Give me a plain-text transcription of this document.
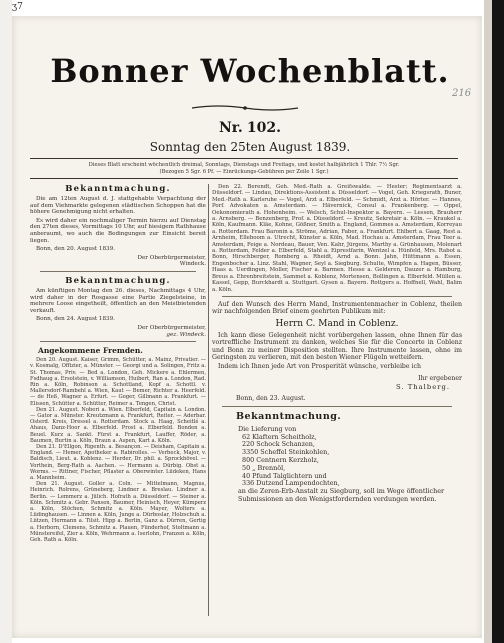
ʒ7
216
Bonner Wochenblatt.
Nr. 102.
Sonntag den 25ten August 1839.
Dieses Blatt erscheint wöchentlich dreimal, Sonntags, Dienstags und Freitags, und kostet halbjährlich 1 Thlr. 7½ Sgr.
(Bezogen 5 Sgr. 6 Pf. — Einrückungs-Gebühren per Zeile 1 Sgr.)
Bekanntmachung.

Die am 12ten August d. J. stattgehabte Verpachtung der auf dem Viehmarkte gelegenen städtischen Schoppen hat die höhere Genehmigung nicht erhalten.

Es wird daher ein nochmaliger Termin hierzu auf Dienstag den 27ten dieses, Vormittags 10 Uhr, auf hiesigem Rathhause anberaumt, wo auch die Bedingungen zur Einsicht bereit liegen.

Bonn, den 20. August 1839.

Der Oberbürgermeister,

Windeck.

Bekanntmachung.

Am künftigen Montag den 26. dieses, Nachmittags 4 Uhr, wird daher in der Rosgasse eine Partie Ziegelsteine, in mehrere Loose eingetheilt, öffentlich an den Meistbietenden verkauft.

Bonn, den 24. August 1839.

Der Oberbürgermeister,

gez. Windeck.

Angekommene Fremden.

Den 20. August. Kaiser, Grimm, Schütter, a. Mainz, Privatier. — v. Kosmalg, Offizier, a. Münster. — Georgi und a. Solingen, Fritz a. St. Thomas, Priv. — Bed a. London, Geh. Mickere a. Ehlermen, Fsdhaug a. Ersolstein, v. Williamson, Huibert, Ran a. London, Rad. Rin a. Köln, Robinson a. Schottland, Kopf a. Schottl. v. Mallersdorf-Rambehl a. Wien, Kaut — Bemer, Richter a. Heerfeld. — de Heß, Wagner a. Erfurt. — Goger, Gillmann a. Frankfurt. — Elissen, Schütter a. Schütter, Reimer a. Tengen, Christ.

Den 21. August. Noberi a. Wien. Elberfeld, Capitain a. London. — Gator a. Münster. Kreutzmann a. Frankfurt, Reiter. — Aderbar. Osterd. Kreis, Dressel a. Rotterdam. Stock a. Haag, Scheitlé a. Ahaus, Danz-Hoor a. Elberfeld. Prost a. Elberfeld. Bonden a. Beuel. Kurz a. Sankt. Fürst a. Frankfurt, Lauffer, Röder, a. Baumen, Burtin a. Köln, Braun a. Aspen, Kart a. Köln.

Den 21. D'Ellgon, Rigenth. a. Besançon. — Deisham, Capitain a. England. — Hemer, Apotheker a. Rabirolles. — Verbeck, Major, v. Baldisch, Lieut. a. Koblenz. — Herder, Dr. phil. a. Sprockhövel. — Vorthein, Berg-Rath a. Aachen. — Hermann a. Dürbig. Obst a. Worms. — Rittner, Fischer, Pflaster a. Oberwinter. Lüdeken, Hans a. Mannheim.

Den 21. August. Goller a. Coln. — Mittelmann, Magnus, Heinrich. Rolrens, Grüneberg, Lindner a. Breslau. Lindner a. Berlin. — Lemmerz a. Jülich. Hofrath a. Düsseldorf. — Steiner a. Köln. Schmitz a. Gebr. Pansen, Baumer, Heinisch, Heyer, Kümperz a. Köln, Stöchen, Schmitz a. Köln. Mayer, Wolters a. Lüdinghausen. — Linnen a. Köln, Junge a. Dürboslar, Holzschuh a. Lützen, Hermann a. Tilsit. Hipp a. Berlin, Ganz a. Dürren, Gertig a. Herborn, Clemens, Schmitz a. Plauen, Fünderhof, Stoltmann a. Münstereifel, Zier a. Köln, Wehrmann a. Iserlohn, Franzen a. Köln, Geh. Rath a. Köln.

Den 22. Berendt, Geh. Med.-Rath a. Greifswalde. — Hester; Regimentsarzt a. Düsseldorf. — Lindau, Direktions-Assistent a. Düsseldorf. — Vogel, Geh. Kriegsrath, Buner, Med.-Rath a. Karlsruhe — Vogel, Arzt a. Elberfeld. — Schmidt, Arzt a. Hörter. — Hannes, Porf. Advokaten a. Amsterdam. — Hävernick, Consul a. Frankenberg. — Oppel, Oekonomierath a. Hohenheim. — Welsch, Schul-Inspektor a. Bayern. — Lessen, Brauherr a. Arnsberg. — Benzenberg, Prof. a. Düsseldorf. — Kreutz, Sekretair a. Köln. — Kraukel a. Köln, Kaufmann. Kläe, Kohne, Gößner, Smith a. England, Gommes a. Amsterdam, Korreyau a. Rotterdam. Frau Baronin a. Ströme, Adrian, Faber, a. Frankfurt. Ehlbert a. Gaag, Rest a. Arnheim, Elleboom a. Utrecht, Künster a. Köln, Mad. Hochau a. Amsterdam, Frau Teer a. Amsterdam, Feige a. Nordeau, Bauer, Ven. Kahr, Jürgens, Marthy a. Grünhausen, Molenart a. Rotterdam, Felder a. Elberfeld, Stahl a. Eiprestfarin, Wentzel a. Hünfeld, Mrs. Rabot a. Bonn, Hirschberger, Romberg a. Rheidt, Arnd a. Bonn. Jahn, Hüttmann a. Essen, Engenbocher a. Linz. Stahl, Wagner, Seyl a. Siegburg. Schulte, Wimpfen a. Hagen, Büsser, Haas a. Uerdingen, Moller, Fischer a. Barmen. Hesse a. Gelderen, Dauzer a. Hamburg, Breus a. Ehrenbreitstein, Sammet a. Koblenz, Mortensen, Bollingen a. Elberfeld. Müllen a. Kassel, Gepp, Burckhardt a. Stuttgart. Gysen a. Bayern. Rottgers a. Hoffnell, Wahl, Balim a. Köln.

Auf den Wunsch des Herrn Mand, Instrumentenmacher in Coblenz, theilen wir nachfolgenden Brief einem geehrten Publikum mit:

Herrn C. Mand in Coblenz.

Ich kann diese Gelegenheit nicht vorübergehen lassen, ohne Ihnen für das vortreffliche Instrument zu danken, welches Sie für die Concerte in Coblenz und Bonn zu meiner Disposition stellten. Ihre Instrumente lassen, ohne im Geringsten zu verlieren, mit den besten Wiener Flügeln wetteifern.

Indem ich Ihnen jede Art von Prosperität wünsche, verbleibe ich

Ihr ergebener

S. Thalberg.

Bonn, den 23. August.
Bekanntmachung.

Die Lieferung von

62 Klaftern Scheitholz,
220 Schock Schanzen,
3350 Scheffel Steinkohlen,
800 Centnern Kerzholz,
50 „ Brennöl,
40 Pfund Talglichtern und
336 Dutzend Lampendochten,

an die Zeren-Erb-Anstalt zu Siegburg, soll im Wege öffentlicher Submissionen an den Wenigstfordernden verdungen werden.
